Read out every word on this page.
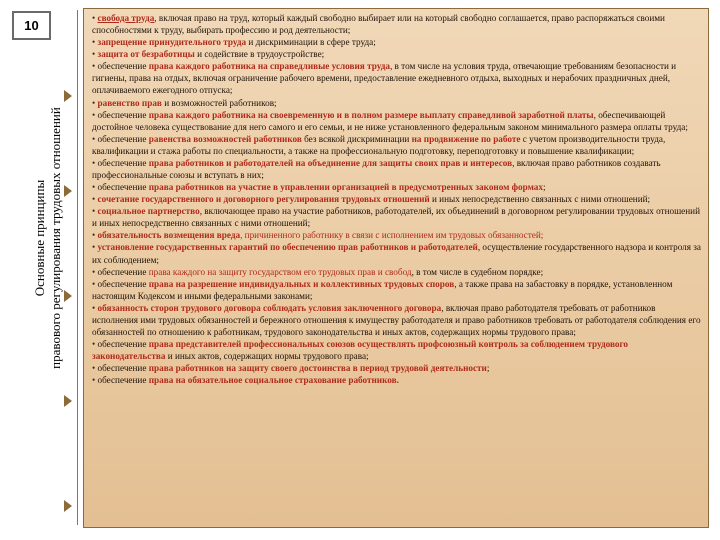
10
Основные принципы правового регулирования трудовых отношений
• свобода труда, включая право на труд, который каждый свободно выбирает или на который свободно соглашается, право распоряжаться своими способностями к труду, выбирать профессию и род деятельности;
• запрещение принудительного труда и дискриминации в сфере труда;
• защита от безработицы и содействие в трудоустройстве;
• обеспечение права каждого работника на справедливые условия труда, в том числе на условия труда, отвечающие требованиям безопасности и гигиены, права на отдых, включая ограничение рабочего времени, предоставление ежедневного отдыха, выходных и нерабочих праздничных дней, оплачиваемого ежегодного отпуска;
• равенство прав и возможностей работников;
• обеспечение права каждого работника на своевременную и в полном размере выплату справедливой заработной платы, обеспечивающей достойное человека существование для него самого и его семьи, и не ниже установленного федеральным законом минимального размера оплаты труда;
• обеспечение равенства возможностей работников без всякой дискриминации на продвижение по работе с учетом производительности труда, квалификации и стажа работы по специальности, а также на профессиональную подготовку, переподготовку и повышение квалификации;
• обеспечение права работников и работодателей на объединение для защиты своих прав и интересов, включая право работников создавать профессиональные союзы и вступать в них;
• обеспечение права работников на участие в управлении организацией в предусмотренных законом формах;
• сочетание государственного и договорного регулирования трудовых отношений и иных непосредственно связанных с ними отношений;
• социальное партнерство, включающее право на участие работников, работодателей, их объединений в договорном регулировании трудовых отношений и иных непосредственно связанных с ними отношений;
• обязательность возмещения вреда, причиненного работнику в связи с исполнением им трудовых обязанностей;
• установление государственных гарантий по обеспечению прав работников и работодателей, осуществление государственного надзора и контроля за их соблюдением;
• обеспечение права каждого на защиту государством его трудовых прав и свобод, в том числе в судебном порядке;
• обеспечение права на разрешение индивидуальных и коллективных трудовых споров, а также права на забастовку в порядке, установленном настоящим Кодексом и иными федеральными законами;
• обязанность сторон трудового договора соблюдать условия заключенного договора, включая право работодателя требовать от работников исполнения ими трудовых обязанностей и бережного отношения к имуществу работодателя и право работников требовать от работодателя соблюдения его обязанностей по отношению к работникам, трудового законодательства и иных актов, содержащих нормы трудового права;
• обеспечение права представителей профессиональных союзов осуществлять профсоюзный контроль за соблюдением трудового законодательства и иных актов, содержащих нормы трудового права;
• обеспечение права работников на защиту своего достоинства в период трудовой деятельности;
• обеспечение права на обязательное социальное страхование работников.
